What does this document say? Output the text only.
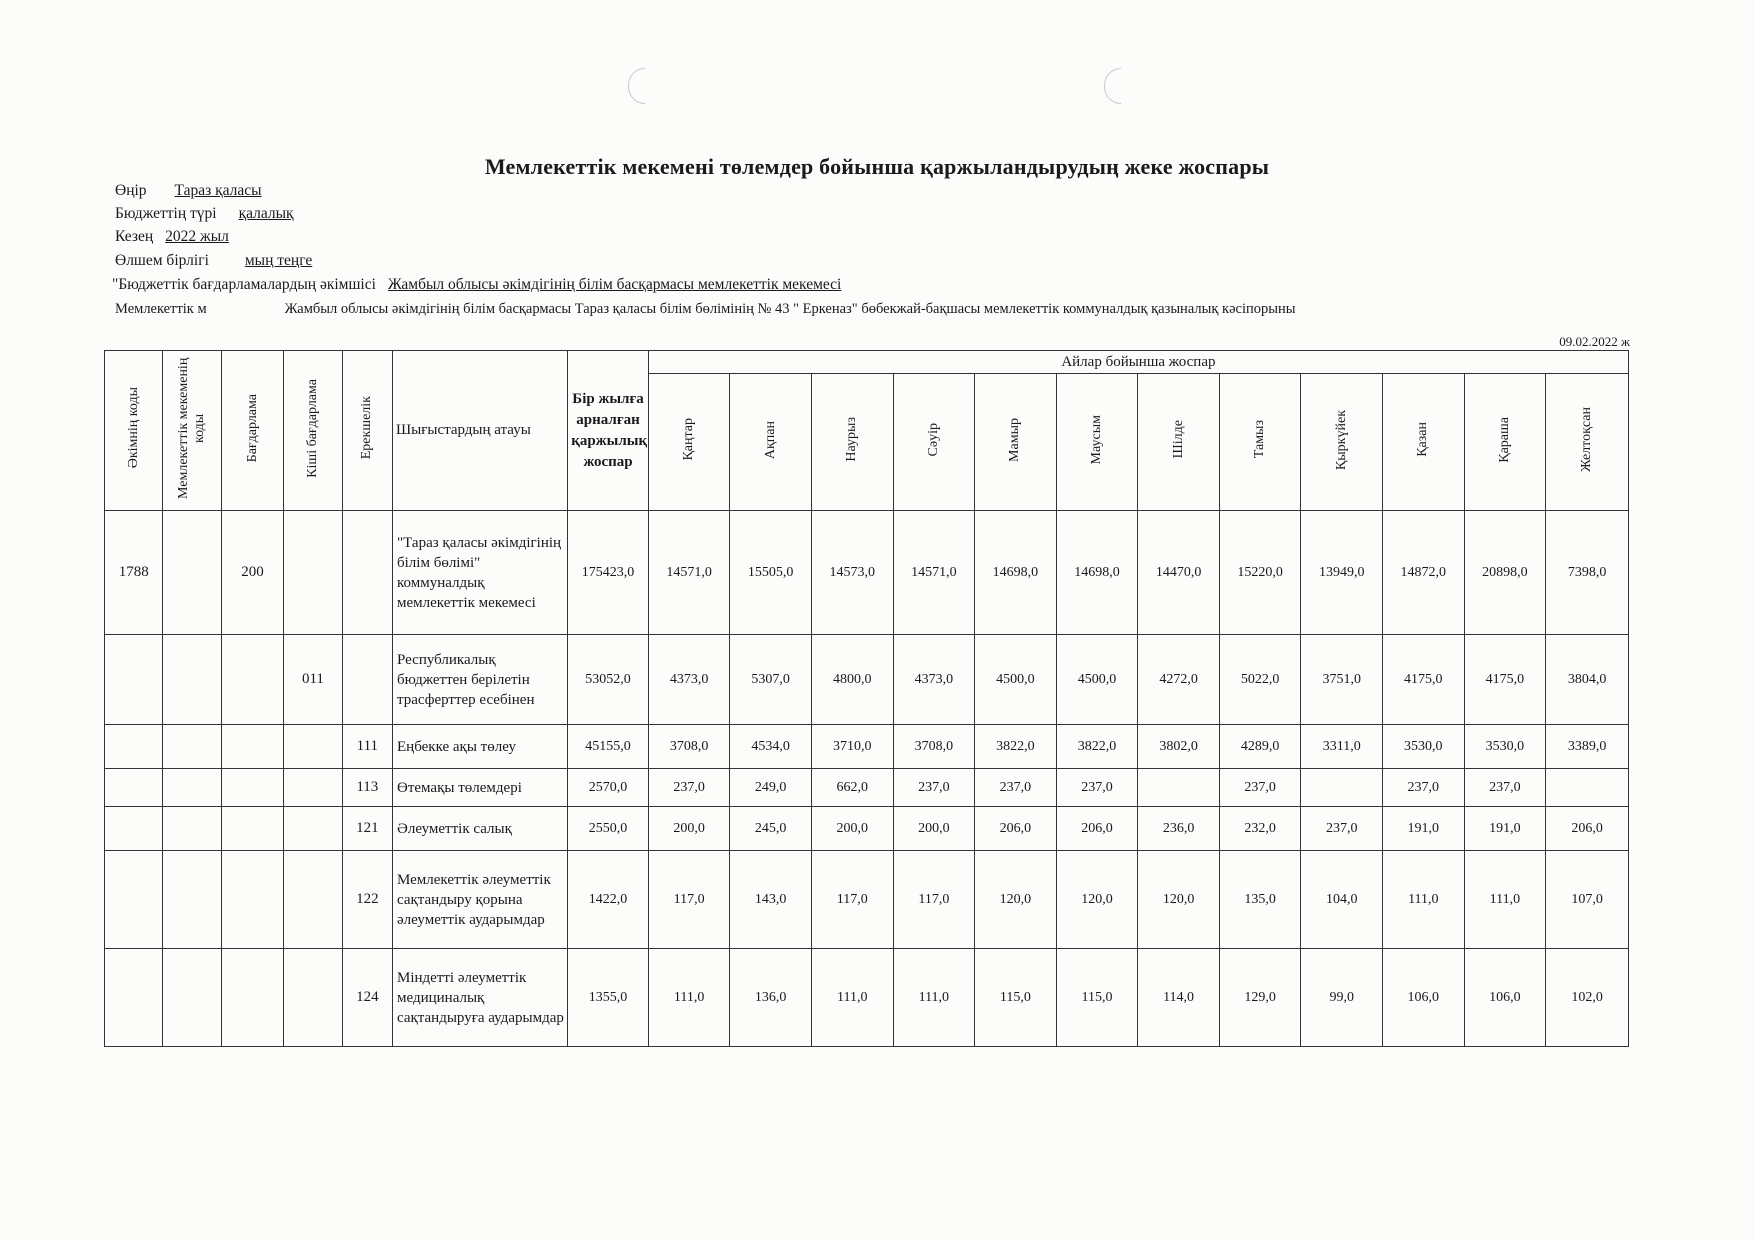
Мемлекеттік мекемені төлемдер бойынша қаржыландырудың жеке жоспары
Өңір Тараз қаласы
Бюджеттің түрі қалалық
Кезең 2022 жыл
Өлшем бірлігі мың теңге
"Бюджеттік бағдарламалардың әкімшісі Жамбыл облысы әкімдігінің білім басқармасы мемлекеттік мекемесі
Мемлекеттік м	Жамбыл облысы әкімдігінің білім басқармасы Тараз қаласы білім бөлімінің № 43 " Еркеназ" бөбекжай-бақшасы мемлекеттік коммуналдық қазыналық кәсіпорыны
09.02.2022 ж
Әкімнің коды	Мемлекеттік мекеменің коды	Бағдарлама	Кіші бағдарлама	Ерекшелік	Шығыстардың атауы	Бір жылға арналған қаржылық жоспар	Айлар бойынша жоспар											
							Қаңтар	Ақпан	Наурыз	Сәуір	Мамыр	Маусым	Шілде	Тамыз	Қыркүйек	Қазан	Қараша	Желтоқсан
1788		200			"Тараз қаласы әкімдігінің білім бөлімі" коммуналдық мемлекеттік мекемесі	175423,0	14571,0	15505,0	14573,0	14571,0	14698,0	14698,0	14470,0	15220,0	13949,0	14872,0	20898,0	7398,0
			011		Республикалық бюджеттен берілетін трасферттер есебінен	53052,0	4373,0	5307,0	4800,0	4373,0	4500,0	4500,0	4272,0	5022,0	3751,0	4175,0	4175,0	3804,0
				111	Еңбекке ақы төлеу	45155,0	3708,0	4534,0	3710,0	3708,0	3822,0	3822,0	3802,0	4289,0	3311,0	3530,0	3530,0	3389,0
				113	Өтемақы төлемдері	2570,0	237,0	249,0	662,0	237,0	237,0	237,0		237,0		237,0	237,0	
				121	Әлеуметтік салық	2550,0	200,0	245,0	200,0	200,0	206,0	206,0	236,0	232,0	237,0	191,0	191,0	206,0
				122	Мемлекеттік әлеуметтік сақтандыру қорына әлеуметтік аударымдар	1422,0	117,0	143,0	117,0	117,0	120,0	120,0	120,0	135,0	104,0	111,0	111,0	107,0
				124	Міндетті әлеуметтік медициналық сақтандыруға аударымдар	1355,0	111,0	136,0	111,0	111,0	115,0	115,0	114,0	129,0	99,0	106,0	106,0	102,0
